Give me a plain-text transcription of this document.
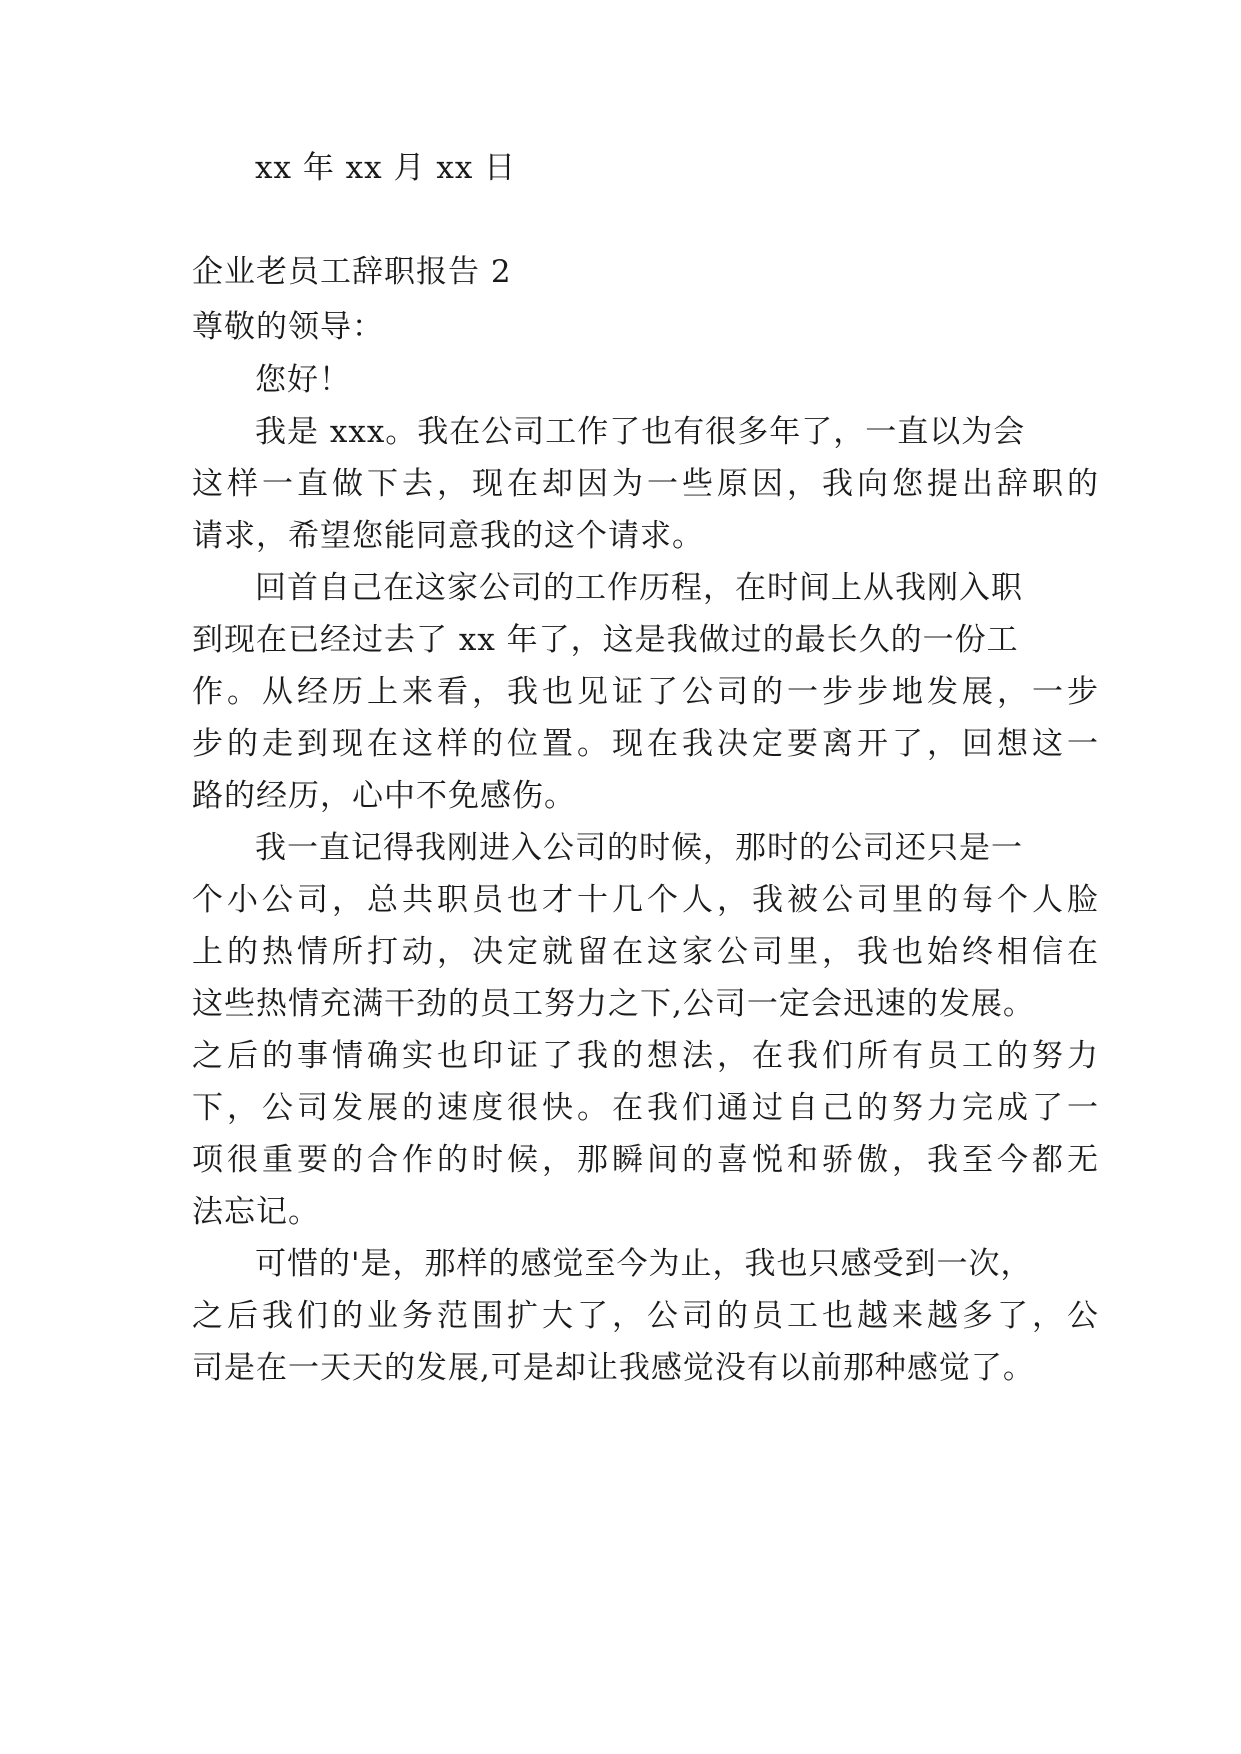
xx 年 xx 月 xx 日
企业老员工辞职报告 2
尊敬的领导：
您好！
我是 xxx。我在公司工作了也有很多年了，一直以为会
这样一直做下去，现在却因为一些原因，我向您提出辞职的
请求，希望您能同意我的这个请求。
回首自己在这家公司的工作历程，在时间上从我刚入职
到现在已经过去了 xx 年了，这是我做过的最长久的一份工
作。从经历上来看，我也见证了公司的一步步地发展，一步
步的走到现在这样的位置。现在我决定要离开了，回想这一
路的经历，心中不免感伤。
我一直记得我刚进入公司的时候，那时的公司还只是一
个小公司，总共职员也才十几个人，我被公司里的每个人脸
上的热情所打动，决定就留在这家公司里，我也始终相信在
这些热情充满干劲的员工努力之下,公司一定会迅速的发展。
之后的事情确实也印证了我的想法，在我们所有员工的努力
下，公司发展的速度很快。在我们通过自己的努力完成了一
项很重要的合作的时候，那瞬间的喜悦和骄傲，我至今都无
法忘记。
可惜的'是，那样的感觉至今为止，我也只感受到一次，
之后我们的业务范围扩大了，公司的员工也越来越多了，公
司是在一天天的发展,可是却让我感觉没有以前那种感觉了。
